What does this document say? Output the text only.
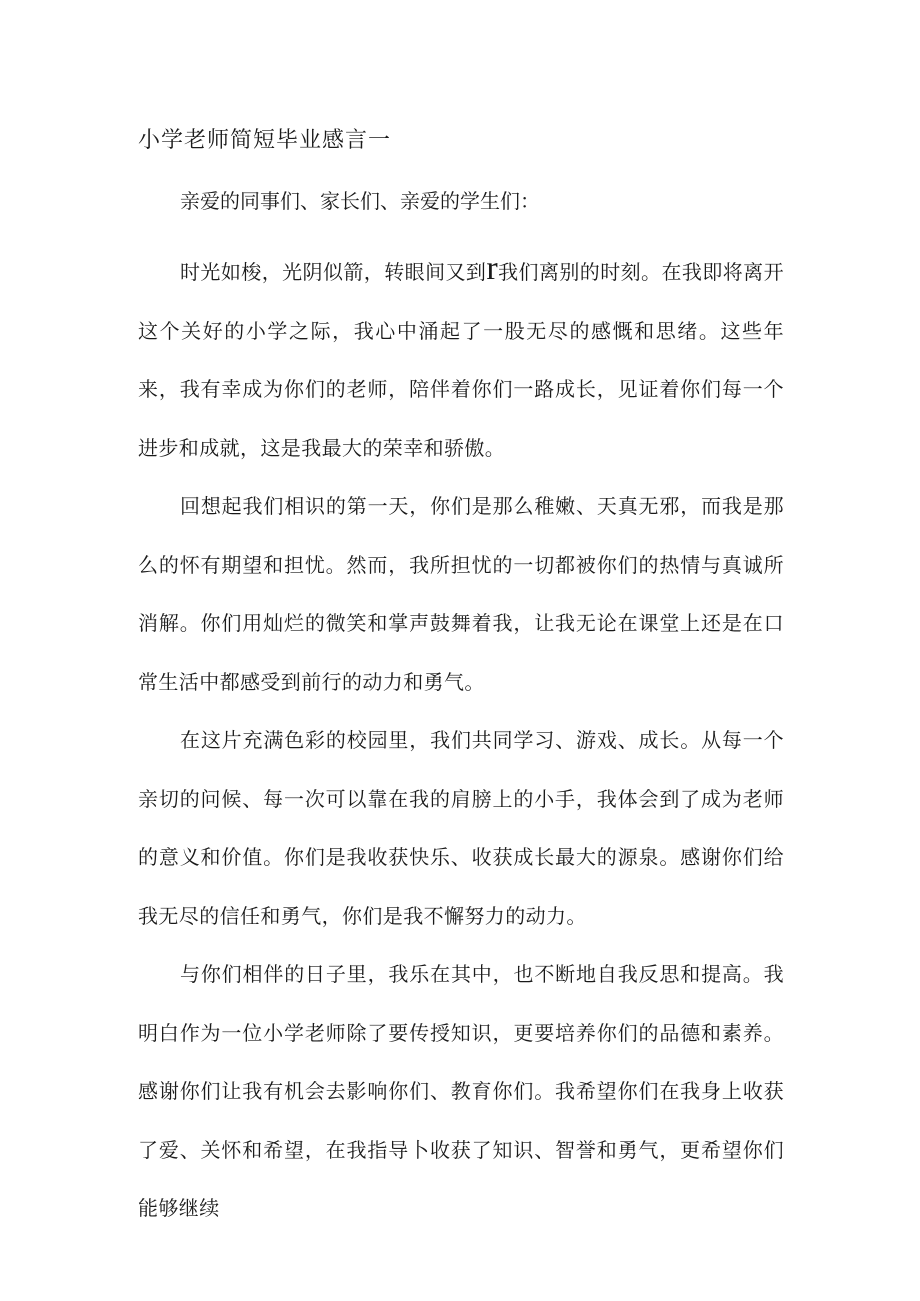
小学老师简短毕业感言一

亲爱的同事们、家长们、亲爱的学生们：

时光如梭，光阴似箭，转眼间又到r我们离别的时刻。在我即将离开这个关好的小学之际，我心中涌起了一股无尽的感慨和思绪。这些年来，我有幸成为你们的老师，陪伴着你们一路成长，见证着你们每一个进步和成就，这是我最大的荣幸和骄傲。

回想起我们相识的第一天，你们是那么稚嫩、天真无邪，而我是那么的怀有期望和担忧。然而，我所担忧的一切都被你们的热情与真诚所消解。你们用灿烂的微笑和掌声鼓舞着我，让我无论在课堂上还是在口常生活中都感受到前行的动力和勇气。

在这片充满色彩的校园里，我们共同学习、游戏、成长。从每一个亲切的问候、每一次可以靠在我的肩膀上的小手，我体会到了成为老师的意义和价值。你们是我收获快乐、收获成长最大的源泉。感谢你们给我无尽的信任和勇气，你们是我不懈努力的动力。

与你们相伴的日子里，我乐在其中，也不断地自我反思和提高。我明白作为一位小学老师除了要传授知识，更要培养你们的品德和素养。感谢你们让我有机会去影响你们、教育你们。我希望你们在我身上收获了爱、关怀和希望，在我指导卜收获了知识、智誉和勇气，更希望你们能够继续
